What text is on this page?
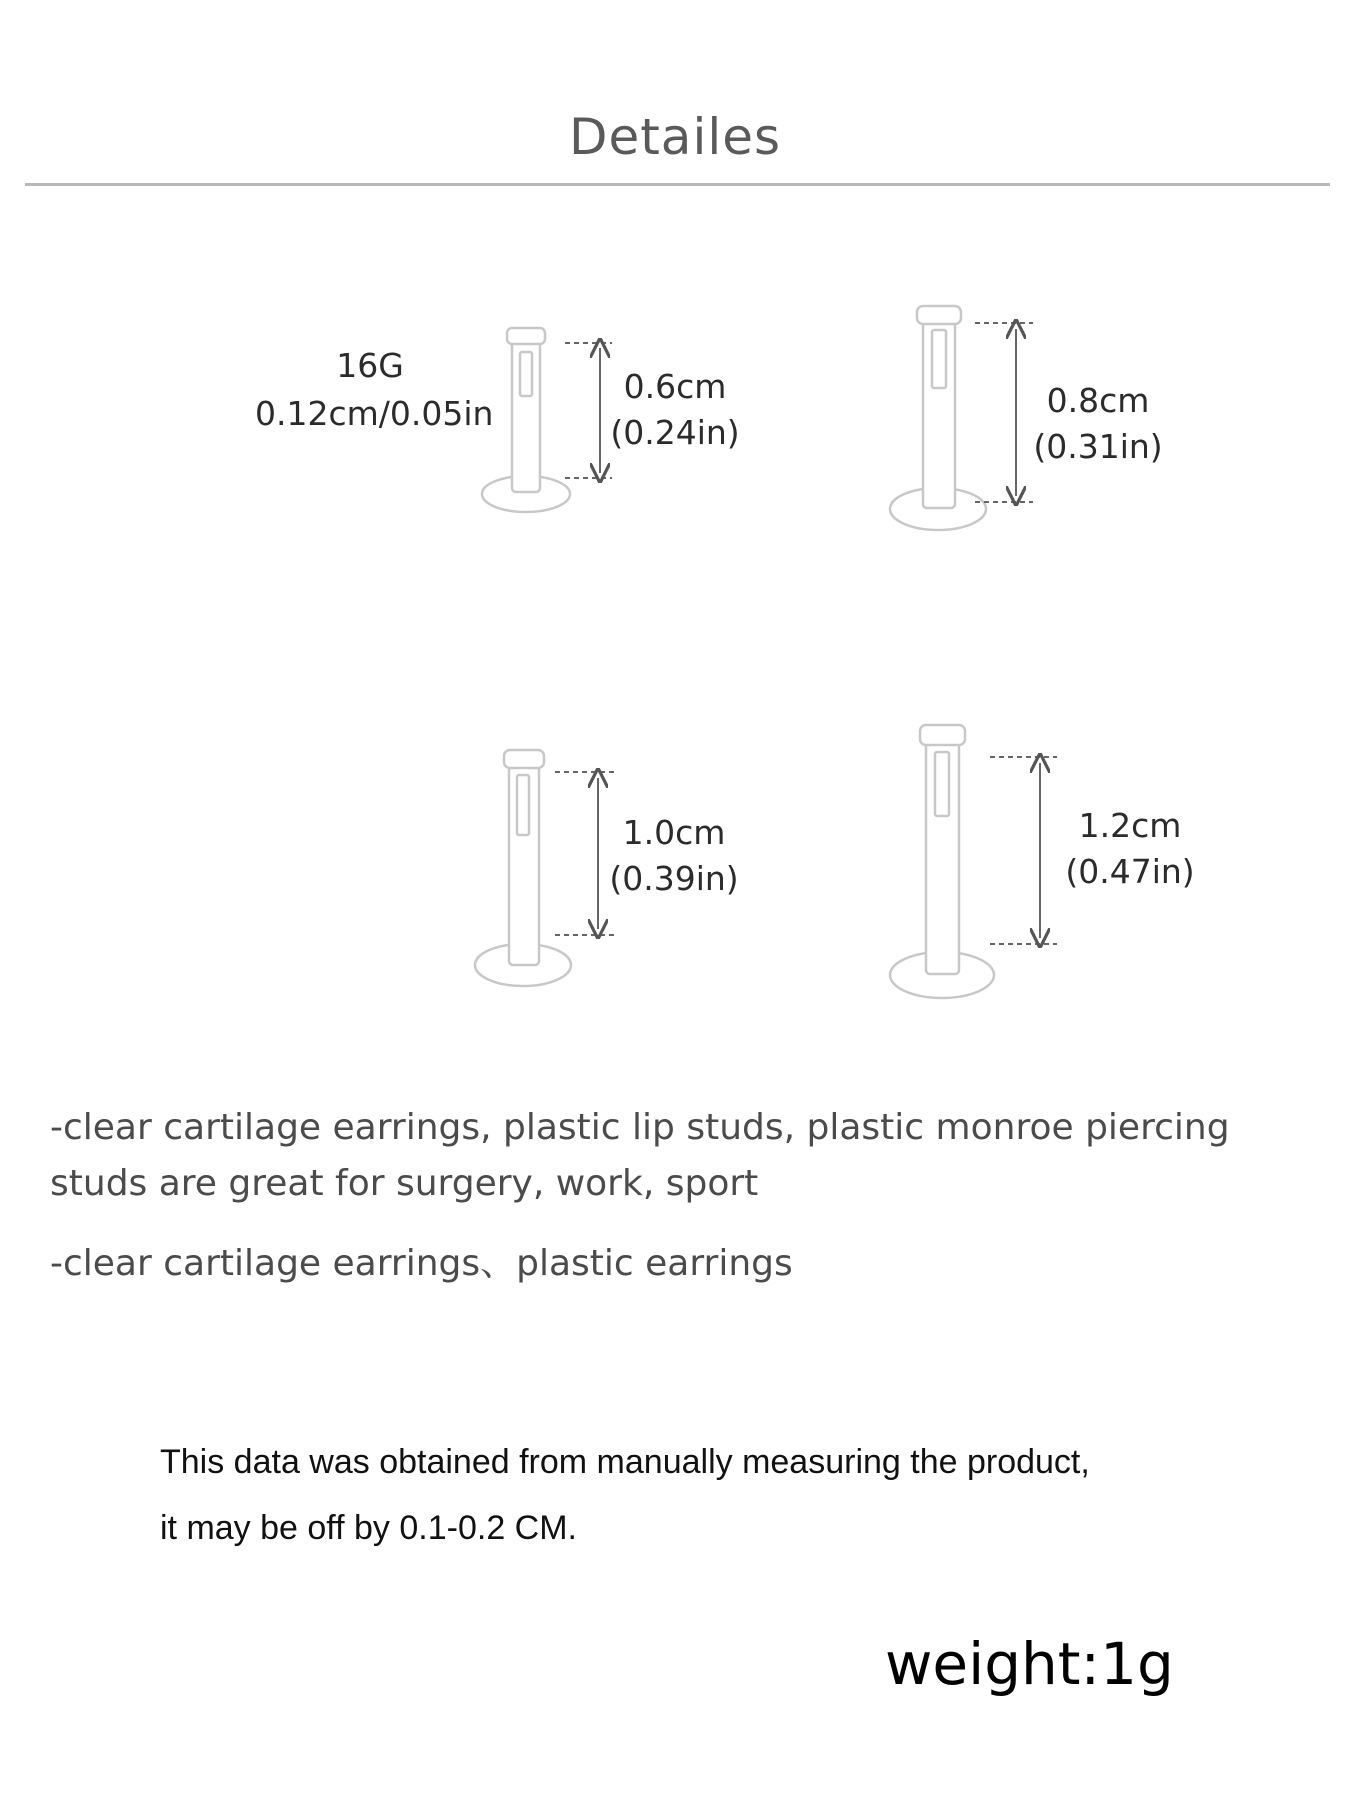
Detailes
16G
0.12cm/0.05in
0.6cm
(0.24in)
0.8cm
(0.31in)
1.0cm
(0.39in)
1.2cm
(0.47in)
-clear cartilage earrings, plastic lip studs, plastic monroe piercing
studs are great for surgery, work, sport
-clear cartilage earrings、plastic earrings
This data was obtained from manually measuring the product,
it may be off by 0.1-0.2 CM.
weight:1g
